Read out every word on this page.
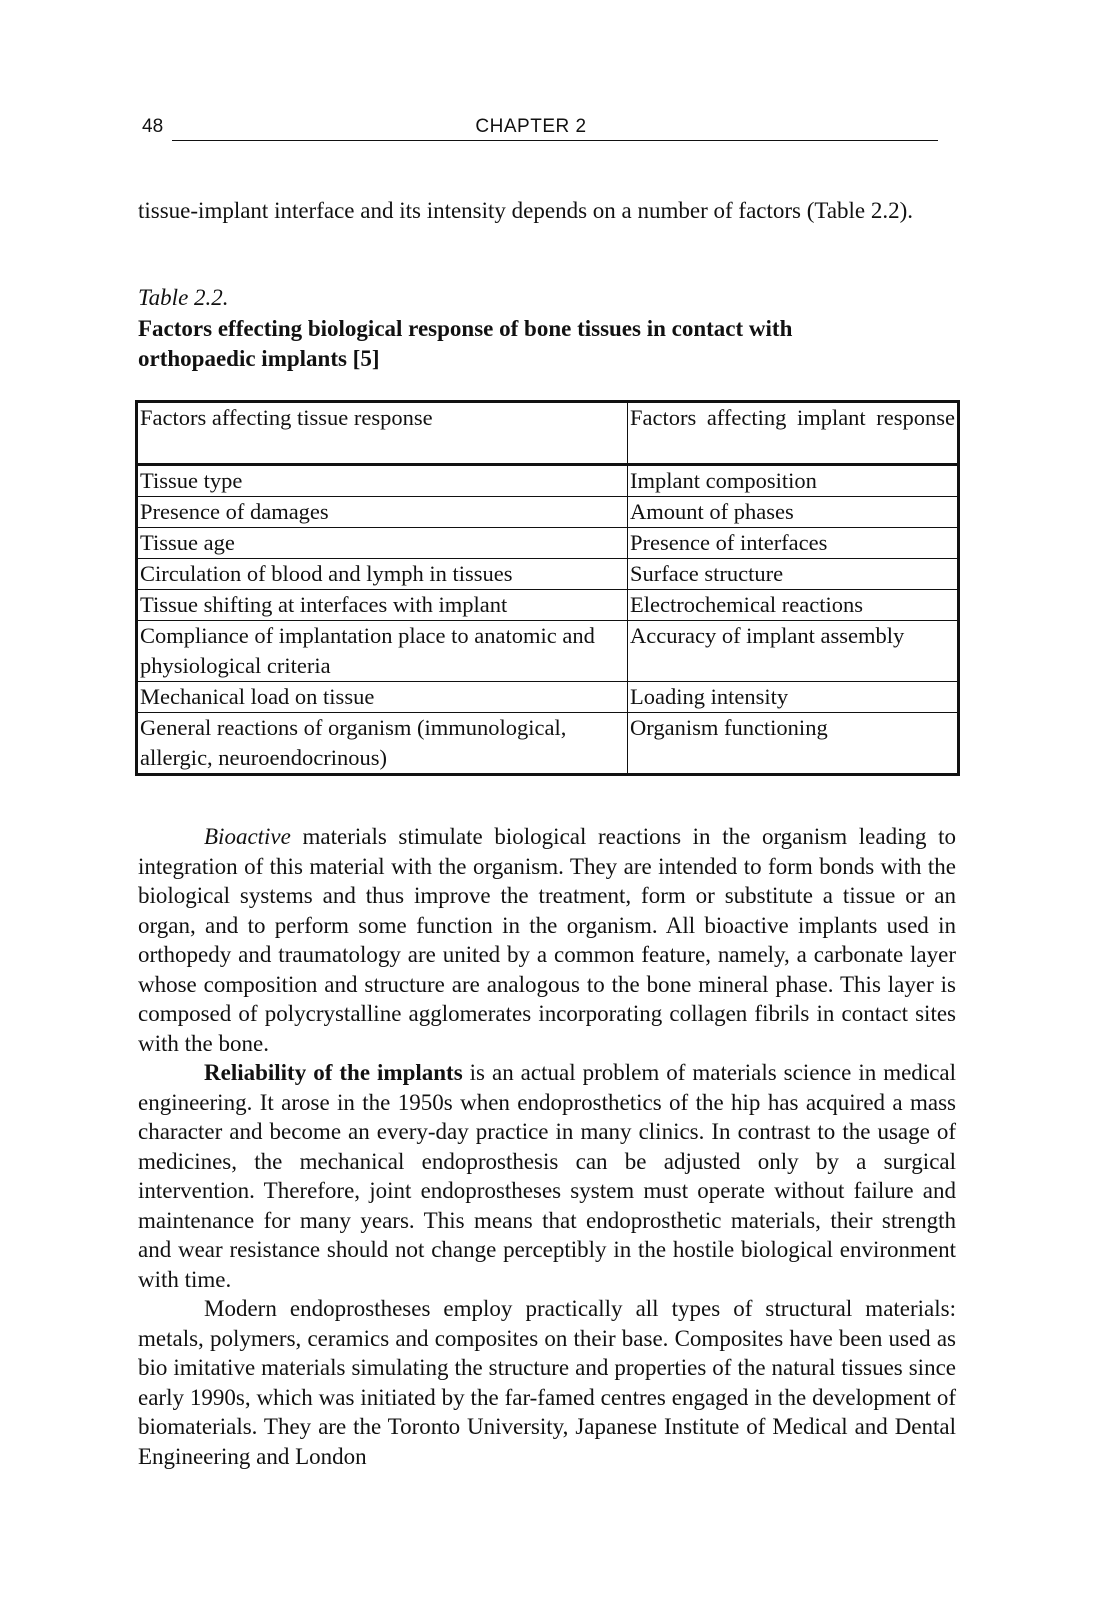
48	CHAPTER 2

tissue-implant interface and its intensity depends on a number of factors (Table 2.2).

Table 2.2.

Factors effecting biological response of bone tissues in contact with orthopaedic implants [5]

Factors affecting tissue response	Factors affecting implant response
Tissue type	Implant composition
Presence of damages	Amount of phases
Tissue age	Presence of interfaces
Circulation of blood and lymph in tissues	Surface structure
Tissue shifting at interfaces with implant	Electrochemical reactions
Compliance of implantation place to anatomic and physiological criteria	Accuracy of implant assembly
Mechanical load on tissue	Loading intensity
General reactions of organism (immunological, allergic, neuroendocrinous)	Organism functioning

Bioactive materials stimulate biological reactions in the organism leading to integration of this material with the organism. They are intended to form bonds with the biological systems and thus improve the treatment, form or substitute a tissue or an organ, and to perform some function in the organism. All bioactive implants used in orthopedy and traumatology are united by a common feature, namely, a carbonate layer whose composition and structure are analogous to the bone mineral phase. This layer is composed of polycrystalline agglomerates incorporating collagen fibrils in contact sites with the bone.

Reliability of the implants is an actual problem of materials science in medical engineering. It arose in the 1950s when endoprosthetics of the hip has acquired a mass character and become an every-day practice in many clinics. In contrast to the usage of medicines, the mechanical endoprosthesis can be adjusted only by a surgical intervention. Therefore, joint endoprostheses system must operate without failure and maintenance for many years. This means that endoprosthetic materials, their strength and wear resistance should not change perceptibly in the hostile biological environment with time.

Modern endoprostheses employ practically all types of structural materials: metals, polymers, ceramics and composites on their base. Composites have been used as bio imitative materials simulating the structure and properties of the natural tissues since early 1990s, which was initiated by the far-famed centres engaged in the development of biomaterials. They are the Toronto University, Japanese Institute of Medical and Dental Engineering and London
